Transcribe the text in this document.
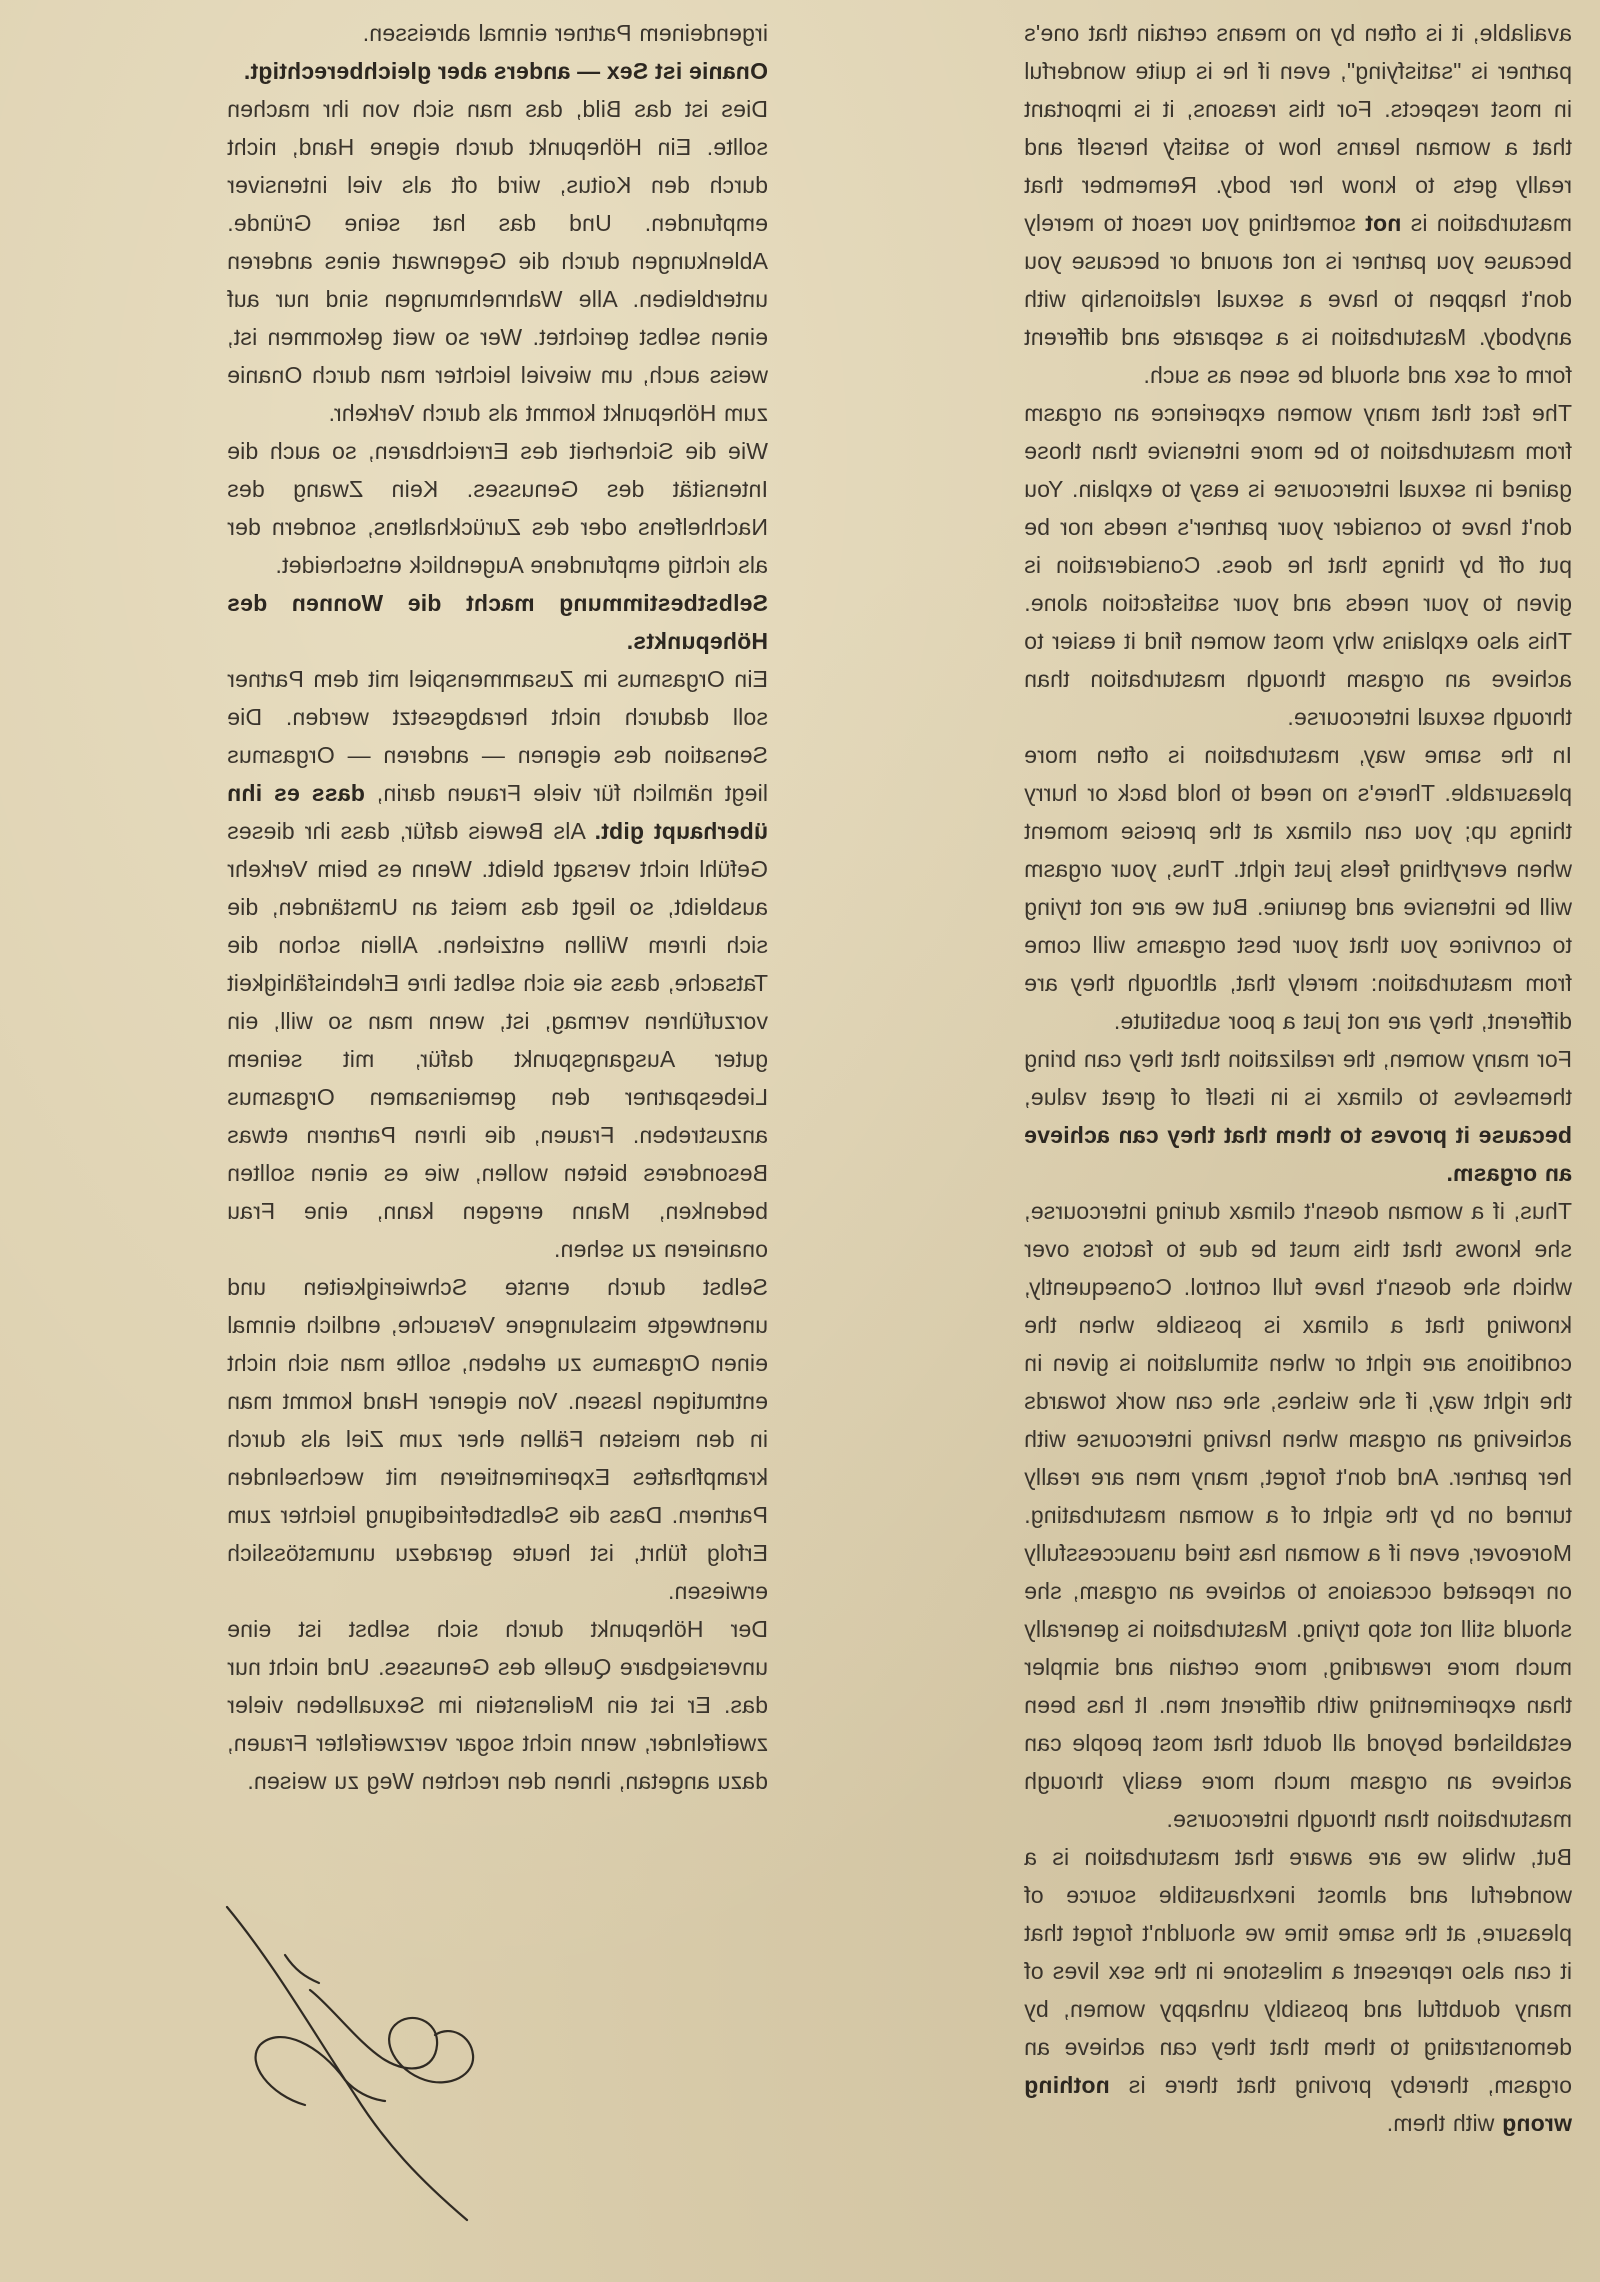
available, it is often by no means certain that one's partner is "satisfying", even if he is quite wonderful in most respects. For this reasons, it is important that a woman learns how to satisfy herself and really gets to know her body. Remember that masturbation is not something you resort to merely because you partner is not around or because you don't happen to have a sexual relationship with anybody. Masturbation is a separate and different form of sex and should be seen as such.

The fact that many women experience an orgasm from masturbation to be more intensive than those gained in sexual intercourse is easy to explain. You don't have to consider your partner's needs nor be put off by things that he does. Consideration is given to your needs and your satisfaction alone. This also explains why most women find it easier to achieve an orgasm through masturbation than through sexual intercourse.

In the same way, masturbation is often more pleasurable. There's no need to hold back or hurry things up; you can climax at the precise moment when everything feels just right. Thus, your orgasm will be intensive and genuine. But we are not trying to convince you that your best orgasms will come from masturbation: merely that, although they are different, they are not just a poor substitute.

For many women, the realization that they can bring themselves to climax is in itself of great value, because it proves to them that they can achieve an orgasm.

Thus, if a woman doesn't climax during intercourse, she knows that this must be due to factors over which she doesn't have full control. Consequently, knowing that a climax is possible when the conditions are right or when stimulation is given in the right way, if she wishes, she can work towards achieving an orgasm when having intercourse with her partner. And don't forget, many men are really turned on by the sight of a woman masturbating. Moreover, even if a woman has tried unsuccessfully on repeated occasions to achieve an orgasm, she should still not stop trying. Masturbation is generally much more rewarding, more certain and simpler than experimenting with different men. It has been established beyond all doubt that most people can achieve an orgasm much more easily through masturbation than through intercourse.

But, while we are aware that masturbation is a wonderful and almost inexhaustible source of pleasure, at the same time we shouldn't forget that it can also represent a milestone in the sex lives of many doubtful and possibly unhappy women, by demonstrating to them that they can achieve an orgasm, thereby proving that there is nothing wrong with them.

irgendeinem Partner einmal abreissen.

Onanie ist Sex — anders aber gleichberechtigt.

Dies ist das Bild, das man sich von ihr machen sollte. Ein Höhepunkt durch eigene Hand, nicht durch den Koitus, wird oft als viel intensiver empfunden. Und das hat seine Gründe. Ablenkungen durch die Gegenwart eines anderen unterbleiben. Alle Wahrnehmungen sind nur auf einen selbst gerichtet. Wer so weit gekommen ist, weiss auch, um wieviel leichter man durch Onanie zum Höhepunkt kommt als durch Verkehr.

Wie die Sicherheit des Erreichbaren, so auch die Intensität des Genusses. Kein Zwang des Nachhelfens oder des Zurückhaltens, sondern der als richtig empfundene Augenblick entscheidet.

Selbstbestimmung macht die Wonnen des Höhepunkts.

Ein Orgasmus im Zusammenspiel mit dem Partner soll dadurch nicht herabgesetzt werden. Die Sensation des eigenen — anderen — Orgasmus liegt nämlich für viele Frauen darin, dass es ihn überhaupt gibt. Als Beweis dafür, dass ihr dieses Gefühl nicht versagt bleibt. Wenn es beim Verkehr ausbleibt, so liegt das meist an Umständen, die sich ihrem Willen entziehen. Allein schon die Tatsache, dass sie sich selbst ihre Erlebnisfähigkeit vorzuführen vermag, ist, wenn man so will, ein guter Ausgangspunkt dafür, mit seinem Liebespartner den gemeinsamen Orgasmus anzustreben. Frauen, die ihren Partnern etwas Besonderes bieten wollen, wie es einen sollten bedenken, Mann erregen kann, eine Frau onanieren zu sehen.

Selbst durch ernste Schwierigkeiten und unentwegte misslungene Versuche, endlich einmal einen Orgasmus zu erleben, sollte man sich nicht entmutigen lassen. Von eigener Hand kommt man in den meisten Fällen eher zum Ziel als durch krampfhaftes Experimentieren mit wechselnden Partnern. Dass die Selbstbefriedigung leichter zum Erfolg führt, ist heute geradezu unumstösslich erwiesen.

Der Höhepunkt durch sich selbst ist eine unversiegbare Quelle des Genusses. Und nicht nur das. Er ist ein Meilenstein im Sexualleben vieler zweifelnder, wenn nicht sogar verzweifelter Frauen, dazu angetan, ihnen den rechten Weg zu weisen.
